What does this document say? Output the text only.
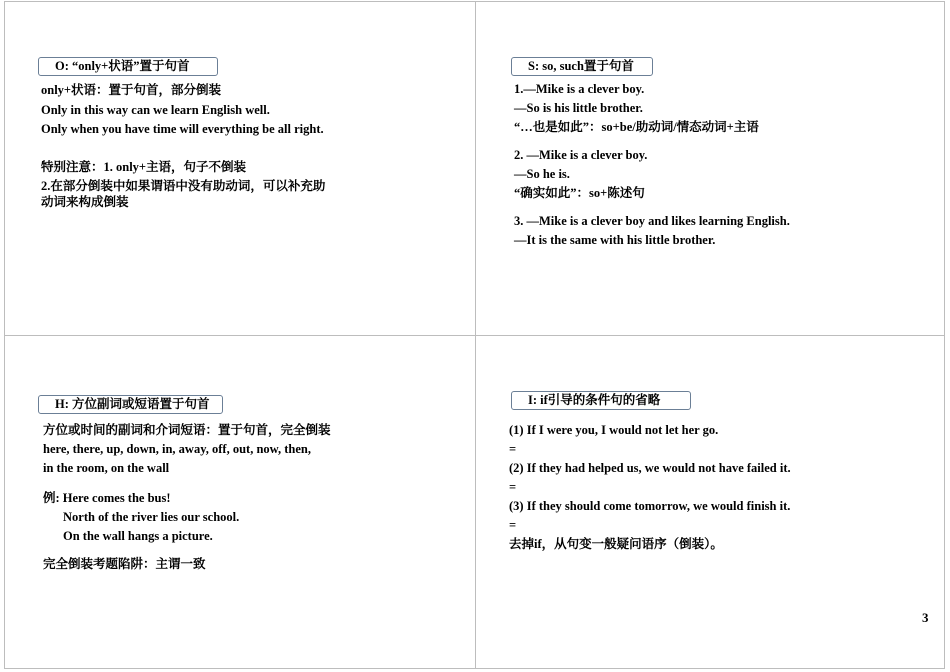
O: “only+状语”置于句首
only+状语：置于句首，部分倒装
Only in this way can we learn English well.
Only when you have time will everything be all right.
特别注意：1. only+主语，句子不倒装
2.在部分倒装中如果谓语中没有助动词，可以补充助
动词来构成倒装
S: so, such置于句首
1.—Mike is a clever boy.
—So is his little brother.
“…也是如此”：so+be/助动词/情态动词+主语
2. —Mike is a clever boy.
—So he is.
“确实如此”：so+陈述句
3. —Mike is a clever boy and likes learning English.
—It is the same with his little brother.
H: 方位副词或短语置于句首
方位或时间的副词和介词短语：置于句首，完全倒装
here, there, up, down, in, away, off, out, now, then,
in the room, on the wall
例: Here comes the bus!
North of the river lies our school.
On the wall hangs a picture.
完全倒装考题陷阱：主谓一致
I: if引导的条件句的省略
(1) If I were you, I would not let her go.
=
(2) If they had helped us, we would not have failed it.
=
(3) If they should come tomorrow, we would finish it.
=
去掉if，从句变一般疑问语序（倒装）。
3
